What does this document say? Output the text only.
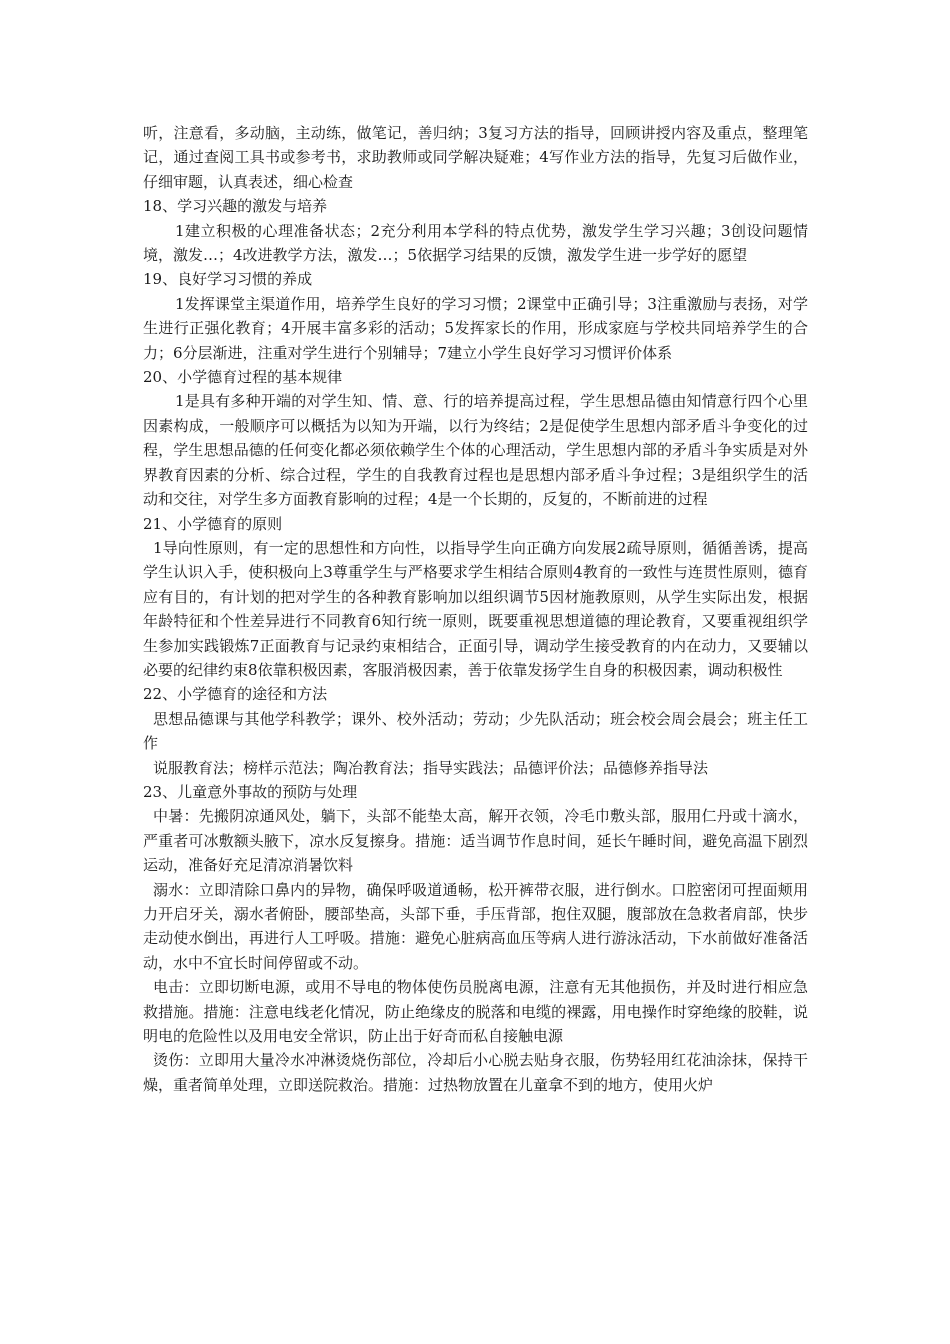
听，注意看，多动脑，主动练，做笔记，善归纳；3复习方法的指导，回顾讲授内容及重点，整理笔记，通过查阅工具书或参考书，求助教师或同学解决疑难；4写作业方法的指导，先复习后做作业，仔细审题，认真表述，细心检查

18、学习兴趣的激发与培养

1建立积极的心理准备状态；2充分利用本学科的特点优势，激发学生学习兴趣；3创设问题情境，激发…；4改进教学方法，激发…；5依据学习结果的反馈，激发学生进一步学好的愿望

19、良好学习习惯的养成

1发挥课堂主渠道作用，培养学生良好的学习习惯；2课堂中正确引导；3注重激励与表扬，对学生进行正强化教育；4开展丰富多彩的活动；5发挥家长的作用，形成家庭与学校共同培养学生的合力；6分层渐进，注重对学生进行个别辅导；7建立小学生良好学习习惯评价体系

20、小学德育过程的基本规律

1是具有多种开端的对学生知、情、意、行的培养提高过程，学生思想品德由知情意行四个心里因素构成，一般顺序可以概括为以知为开端，以行为终结；2是促使学生思想内部矛盾斗争变化的过程，学生思想品德的任何变化都必须依赖学生个体的心理活动，学生思想内部的矛盾斗争实质是对外界教育因素的分析、综合过程，学生的自我教育过程也是思想内部矛盾斗争过程；3是组织学生的活动和交往，对学生多方面教育影响的过程；4是一个长期的，反复的，不断前进的过程

21、小学德育的原则

1导向性原则，有一定的思想性和方向性，以指导学生向正确方向发展2疏导原则，循循善诱，提高学生认识入手，使积极向上3尊重学生与严格要求学生相结合原则4教育的一致性与连贯性原则，德育应有目的，有计划的把对学生的各种教育影响加以组织调节5因材施教原则，从学生实际出发，根据年龄特征和个性差异进行不同教育6知行统一原则，既要重视思想道德的理论教育，又要重视组织学生参加实践锻炼7正面教育与记录约束相结合，正面引导，调动学生接受教育的内在动力，又要辅以必要的纪律约束8依靠积极因素，客服消极因素，善于依靠发扬学生自身的积极因素，调动积极性

22、小学德育的途径和方法

思想品德课与其他学科教学；课外、校外活动；劳动；少先队活动；班会校会周会晨会；班主任工作

说服教育法；榜样示范法；陶冶教育法；指导实践法；品德评价法；品德修养指导法

23、儿童意外事故的预防与处理

中暑：先搬阴凉通风处，躺下，头部不能垫太高，解开衣领，冷毛巾敷头部，服用仁丹或十滴水，严重者可冰敷额头腋下，凉水反复擦身。措施：适当调节作息时间，延长午睡时间，避免高温下剧烈运动，准备好充足清凉消暑饮料

溺水：立即清除口鼻内的异物，确保呼吸道通畅，松开裤带衣服，进行倒水。口腔密闭可捏面颊用力开启牙关，溺水者俯卧，腰部垫高，头部下垂，手压背部，抱住双腿，腹部放在急救者肩部，快步走动使水倒出，再进行人工呼吸。措施：避免心脏病高血压等病人进行游泳活动，下水前做好准备活动，水中不宜长时间停留或不动。

电击：立即切断电源，或用不导电的物体使伤员脱离电源，注意有无其他损伤，并及时进行相应急救措施。措施：注意电线老化情况，防止绝缘皮的脱落和电缆的裸露，用电操作时穿绝缘的胶鞋，说明电的危险性以及用电安全常识，防止出于好奇而私自接触电源

烫伤：立即用大量冷水冲淋烫烧伤部位，冷却后小心脱去贴身衣服，伤势轻用红花油涂抹，保持干燥，重者简单处理，立即送院救治。措施：过热物放置在儿童拿不到的地方，使用火炉
